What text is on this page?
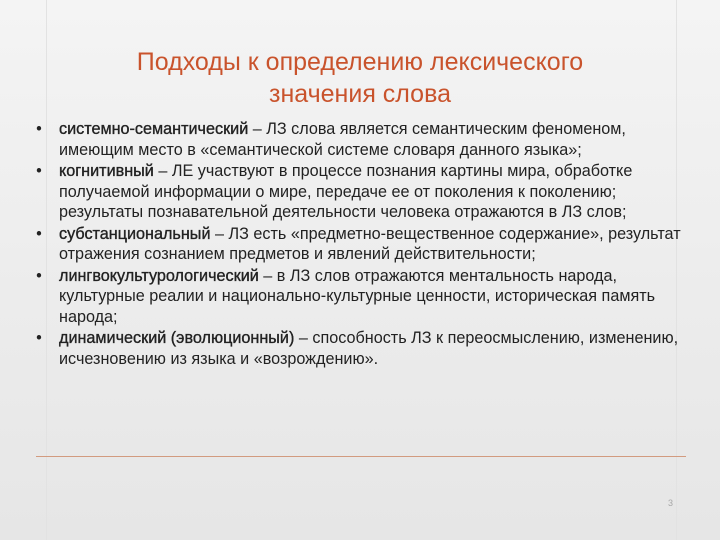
Подходы к определению лексического
значения слова
• системно-семантический – ЛЗ слова является семантическим феноменом, имеющим место в «семантической системе словаря данного языка»;
• когнитивный – ЛЕ участвуют в процессе познания картины мира, обработке получаемой информации о мире, передаче ее от поколения к поколению; результаты познавательной деятельности человека отражаются в ЛЗ слов;
• субстанциональный – ЛЗ есть «предметно-вещественное содержание», результат отражения сознанием предметов и явлений действительности;
• лингвокультурологический – в ЛЗ слов отражаются ментальность народа, культурные реалии и национально-культурные ценности, историческая память народа;
• динамический (эволюционный) – способность ЛЗ к переосмыслению, изменению, исчезновению из языка и «возрождению».
3
